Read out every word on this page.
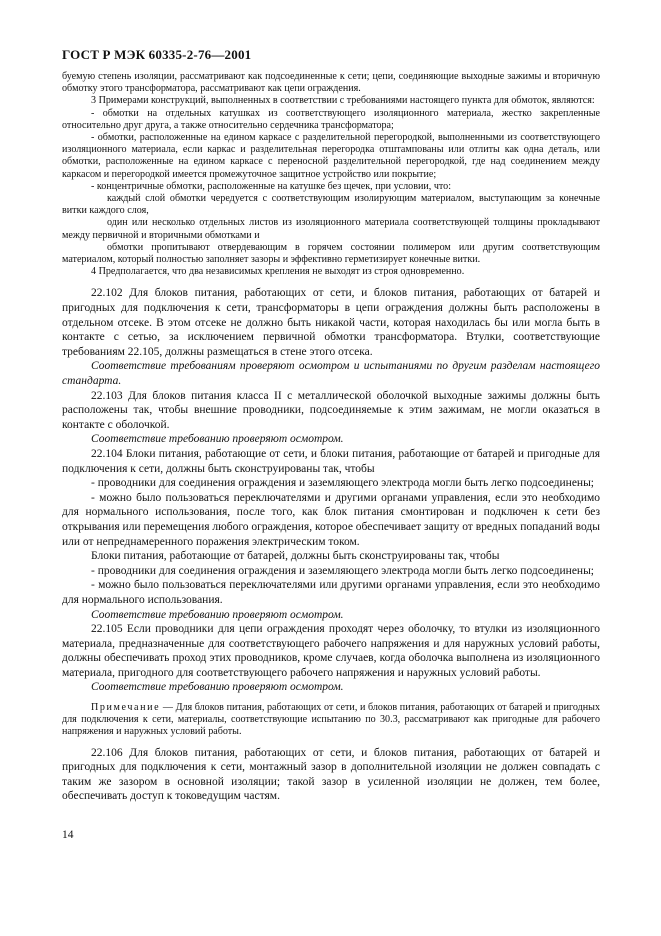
ГОСТ Р МЭК 60335-2-76—2001

буемую степень изоляции, рассматривают как подсоединенные к сети; цепи, соединяющие выходные зажимы и вторичную обмотку этого трансформатора, рассматривают как цепи ограждения.

3 Примерами конструкций, выполненных в соответствии с требованиями настоящего пункта для обмоток, являются:

- обмотки на отдельных катушках из соответствующего изоляционного материала, жестко закрепленные относительно друг друга, а также относительно сердечника трансформатора;

- обмотки, расположенные на едином каркасе с разделительной перегородкой, выполненными из соответствующего изоляционного материала, если каркас и разделительная перегородка отштампованы или отлиты как одна деталь, или обмотки, расположенные на едином каркасе с переносной разделительной перегородкой, где над соединением между каркасом и перегородкой имеется промежуточное защитное устройство или покрытие;

- концентричные обмотки, расположенные на катушке без щечек, при условии, что:

каждый слой обмотки чередуется с соответствующим изолирующим материалом, выступающим за конечные витки каждого слоя,

один или несколько отдельных листов из изоляционного материала соответствующей толщины прокладывают между первичной и вторичными обмотками и

обмотки пропитывают отвердевающим в горячем состоянии полимером или другим соответствующим материалом, который полностью заполняет зазоры и эффективно герметизирует конечные витки.

4 Предполагается, что два независимых крепления не выходят из строя одновременно.

22.102 Для блоков питания, работающих от сети, и блоков питания, работающих от батарей и пригодных для подключения к сети, трансформаторы в цепи ограждения должны быть расположены в отдельном отсеке. В этом отсеке не должно быть никакой части, которая находилась бы или могла быть в контакте с сетью, за исключением первичной обмотки трансформатора. Втулки, соответствующие требованиям 22.105, должны размещаться в стене этого отсека.

Соответствие требованиям проверяют осмотром и испытаниями по другим разделам настоящего стандарта.

22.103 Для блоков питания класса II с металлической оболочкой выходные зажимы должны быть расположены так, чтобы внешние проводники, подсоединяемые к этим зажимам, не могли оказаться в контакте с оболочкой.

Соответствие требованию проверяют осмотром.

22.104 Блоки питания, работающие от сети, и блоки питания, работающие от батарей и пригодные для подключения к сети, должны быть сконструированы так, чтобы

- проводники для соединения ограждения и заземляющего электрода могли быть легко подсоединены;

- можно было пользоваться переключателями и другими органами управления, если это необходимо для нормального использования, после того, как блок питания смонтирован и подключен к сети без открывания или перемещения любого ограждения, которое обеспечивает защиту от вредных попаданий воды или от непреднамеренного поражения электрическим током.

Блоки питания, работающие от батарей, должны быть сконструированы так, чтобы

- проводники для соединения ограждения и заземляющего электрода могли быть легко подсоединены;

- можно было пользоваться переключателями или другими органами управления, если это необходимо для нормального использования.

Соответствие требованию проверяют осмотром.

22.105 Если проводники для цепи ограждения проходят через оболочку, то втулки из изоляционного материала, предназначенные для соответствующего рабочего напряжения и для наружных условий работы, должны обеспечивать проход этих проводников, кроме случаев, когда оболочка выполнена из изоляционного материала, пригодного для соответствующего рабочего напряжения и наружных условий работы.

Соответствие требованию проверяют осмотром.

Примечание — Для блоков питания, работающих от сети, и блоков питания, работающих от батарей и пригодных для подключения к сети, материалы, соответствующие испытанию по 30.3, рассматривают как пригодные для рабочего напряжения и наружных условий работы.

22.106 Для блоков питания, работающих от сети, и блоков питания, работающих от батарей и пригодных для подключения к сети, монтажный зазор в дополнительной изоляции не должен совпадать с таким же зазором в основной изоляции; такой зазор в усиленной изоляции не должен, тем более, обеспечивать доступ к токоведущим частям.

14
